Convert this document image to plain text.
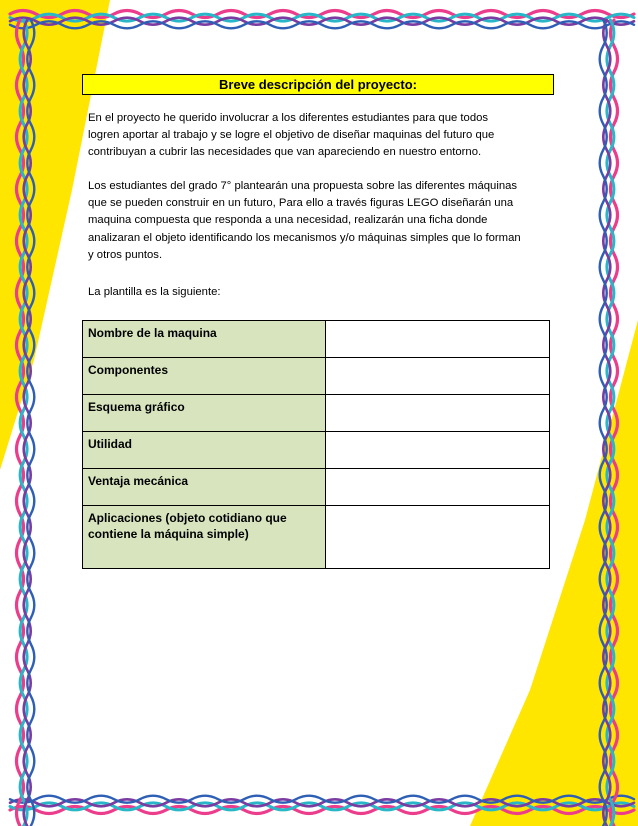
Breve descripción del proyecto:

En el proyecto he querido involucrar a los diferentes estudiantes para que todos
logren aportar al trabajo y se logre el objetivo de diseñar maquinas del futuro que
contribuyan a cubrir las necesidades que van apareciendo en nuestro entorno.

Los estudiantes del grado 7° plantearán una propuesta sobre las diferentes máquinas
que se pueden construir en un futuro, Para ello a través figuras LEGO diseñarán una
maquina compuesta que responda a una necesidad, realizarán una ficha donde
analizaran el objeto identificando los mecanismos y/o máquinas simples que lo forman
y otros puntos.

La plantilla es la siguiente:

Nombre de la maquina	
Componentes	
Esquema gráfico	
Utilidad	
Ventaja mecánica	
Aplicaciones (objeto cotidiano que contiene la máquina simple)	
